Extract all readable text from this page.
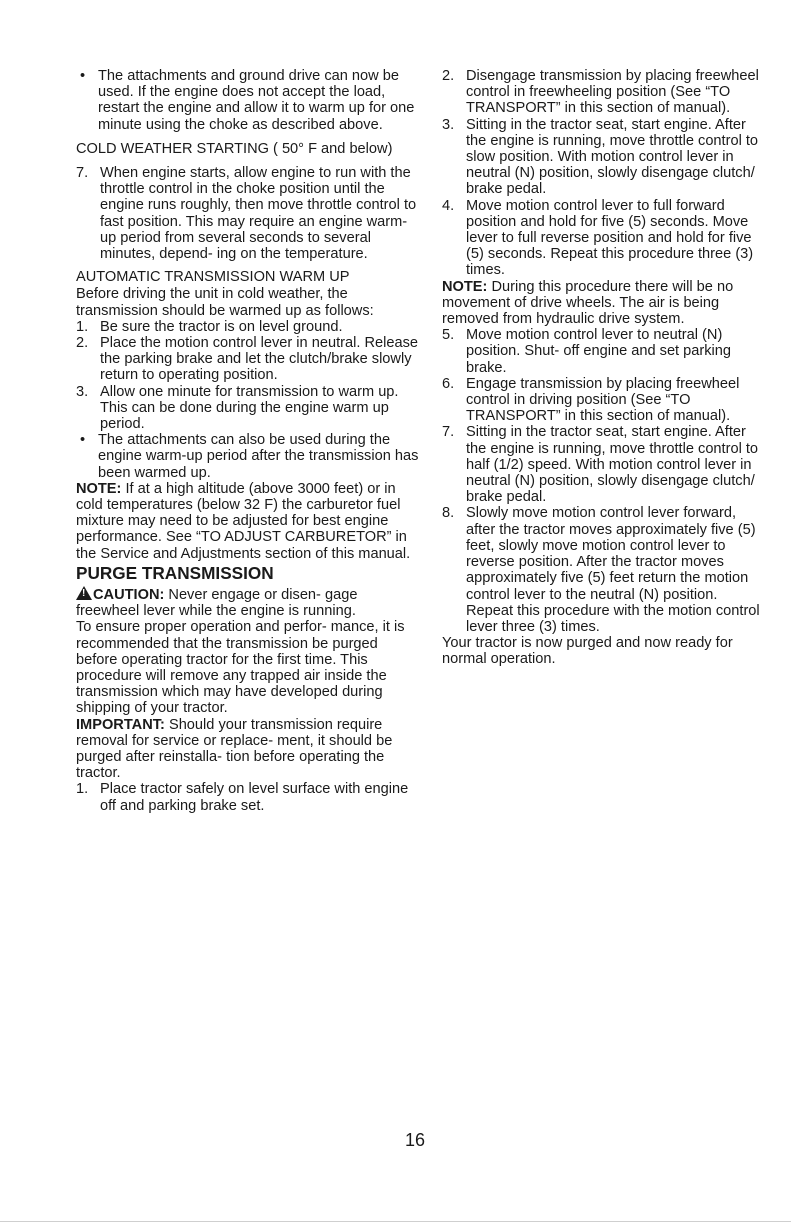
• The attachments and ground drive can now be used. If the engine does not accept the load, restart the engine and allow it to warm up for one minute using the choke as described above.

COLD WEATHER STARTING ( 50° F and below)

7. When engine starts, allow engine to run with the throttle control in the choke position until the engine runs roughly, then move throttle control to fast position. This may require an engine warm-up period from several seconds to several minutes, depend- ing on the temperature.

AUTOMATIC TRANSMISSION WARM UP

Before driving the unit in cold weather, the transmission should be warmed up as follows:

1. Be sure the tractor is on level ground.
2. Place the motion control lever in neutral. Release the parking brake and let the clutch/brake slowly return to operating position.
3. Allow one minute for transmission to warm up. This can be done during the engine warm up period.
• The attachments can also be used during the engine warm-up period after the transmission has been warmed up.

NOTE: If at a high altitude (above 3000 feet) or in cold temperatures (below 32 F) the carburetor fuel mixture may need to be adjusted for best engine performance. See “TO ADJUST CARBURETOR” in the Service and Adjustments section of this manual.

PURGE TRANSMISSION

!CAUTION: Never engage or disen- gage freewheel lever while the engine is running.

To ensure proper operation and perfor- mance, it is recommended that the transmission be purged before operating tractor for the first time. This procedure will remove any trapped air inside the transmission which may have developed during shipping of your tractor.

IMPORTANT: Should your transmission require removal for service or replace- ment, it should be purged after reinstalla- tion before operating the tractor.

1. Place tractor safely on level surface with engine off and parking brake set.
2. Disengage transmission by placing freewheel control in freewheeling position (See “TO TRANSPORT” in this section of manual).
3. Sitting in the tractor seat, start engine. After the engine is running, move throttle control to slow position. With motion control lever in neutral (N) position, slowly disengage clutch/ brake pedal.
4. Move motion control lever to full forward position and hold for five (5) seconds. Move lever to full reverse position and hold for five (5) seconds. Repeat this procedure three (3) times.

NOTE: During this procedure there will be no movement of drive wheels. The air is being removed from hydraulic drive system.

5. Move motion control lever to neutral (N) position. Shut- off engine and set parking brake.
6. Engage transmission by placing freewheel control in driving position (See “TO TRANSPORT” in this section of manual).
7. Sitting in the tractor seat, start engine. After the engine is running, move throttle control to half (1/2) speed. With motion control lever in neutral (N) position, slowly disengage clutch/ brake pedal.
8. Slowly move motion control lever forward, after the tractor moves approximately five (5) feet, slowly move motion control lever to reverse position. After the tractor moves approximately five (5) feet return the motion control lever to the neutral (N) position. Repeat this procedure with the motion control lever three (3) times.

Your tractor is now purged and now ready for normal operation.

16
